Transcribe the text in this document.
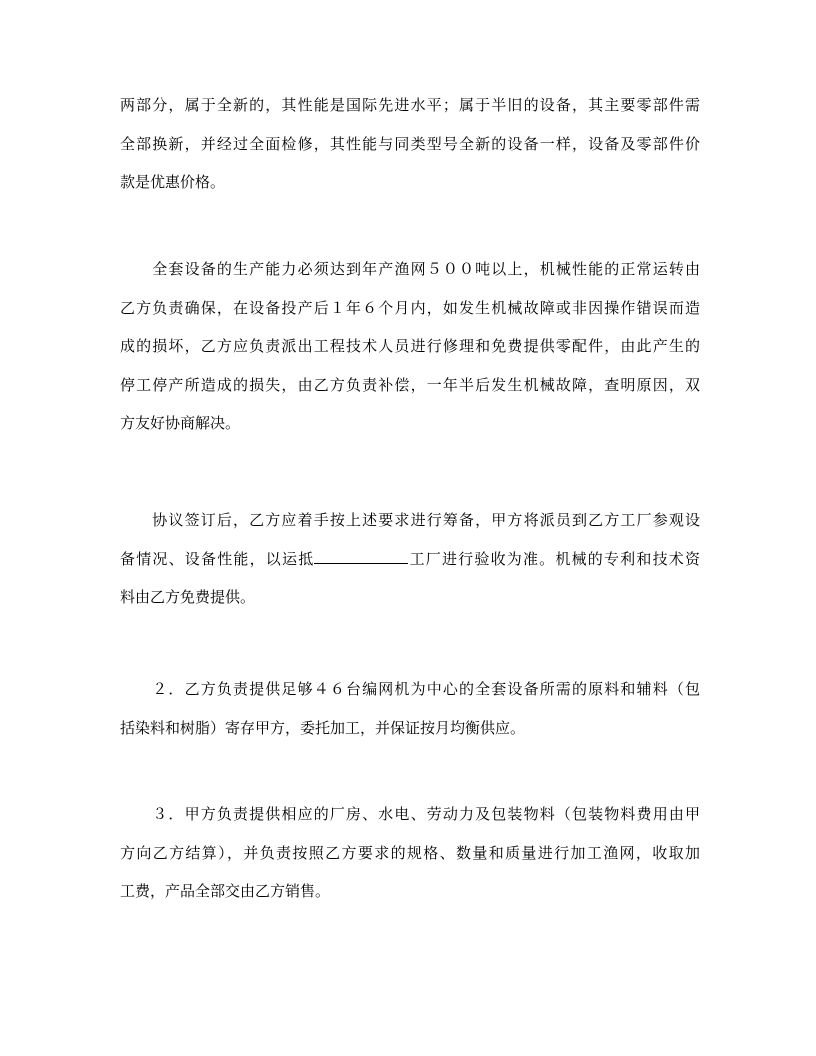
两部分，属于全新的，其性能是国际先进水平；属于半旧的设备，其主要零部件需
全部换新，并经过全面检修，其性能与同类型号全新的设备一样，设备及零部件价
款是优惠价格。
　　全套设备的生产能力必须达到年产渔网５００吨以上，机械性能的正常运转由
乙方负责确保，在设备投产后１年６个月内，如发生机械故障或非因操作错误而造
成的损坏，乙方应负责派出工程技术人员进行修理和免费提供零配件，由此产生的
停工停产所造成的损失，由乙方负责补偿，一年半后发生机械故障，查明原因，双
方友好协商解决。
　　协议签订后，乙方应着手按上述要求进行筹备，甲方将派员到乙方工厂参观设
备情况、设备性能，以运抵	工厂进行验收为准。机械的专利和技术资
料由乙方免费提供。
　　２．乙方负责提供足够４６台编网机为中心的全套设备所需的原料和辅料（包
括染料和树脂）寄存甲方，委托加工，并保证按月均衡供应。
　　３．甲方负责提供相应的厂房、水电、劳动力及包装物料（包装物料费用由甲
方向乙方结算），并负责按照乙方要求的规格、数量和质量进行加工渔网，收取加
工费，产品全部交由乙方销售。
